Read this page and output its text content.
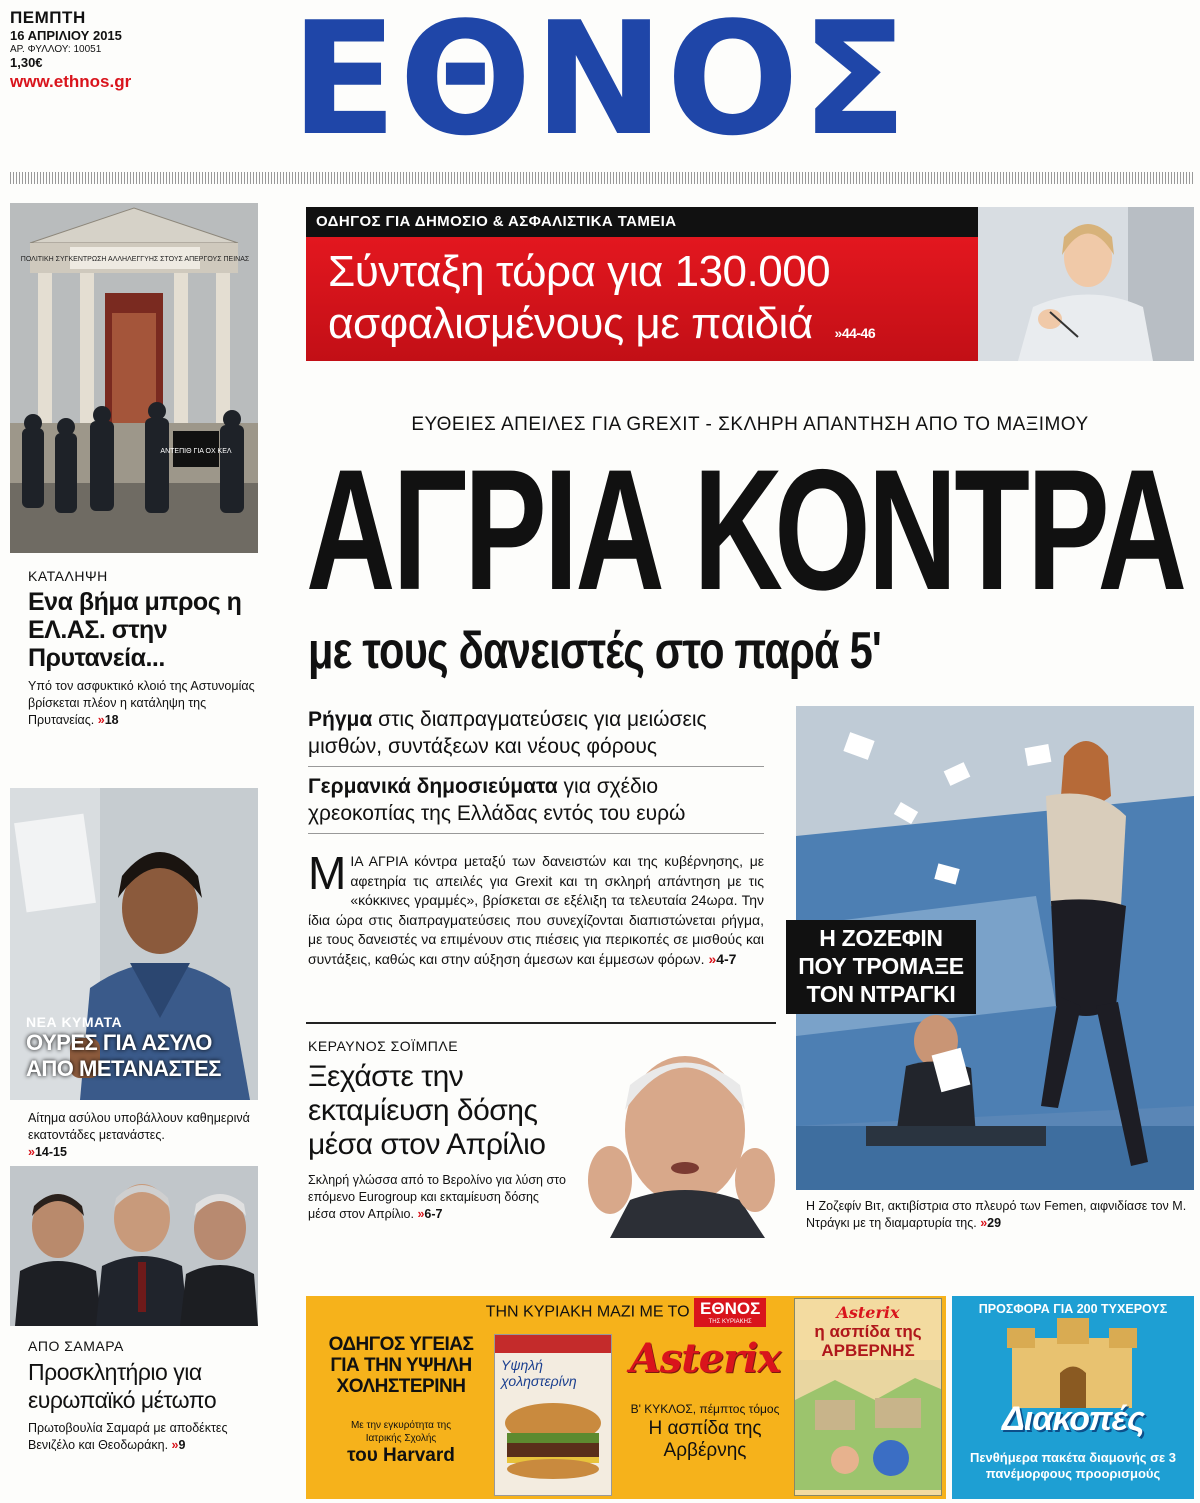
ΠΕΜΠΤΗ
16 ΑΠΡΙΛΙΟΥ 2015
ΑΡ. ΦΥΛΛΟΥ: 10051
1,30€
www.ethnos.gr	ΕΘΝΟΣ
ΠΟΛΙΤΙΚΗ ΣΥΓΚΕΝΤΡΩΣΗ ΑΛΛΗΛΕΓΓΥΗΣ ΣΤΟΥΣ ΑΠΕΡΓΟΥΣ ΠΕΙΝΑΣ
ΑΝΤΕΠΙΘ ΓΙΑ ΟΧ ΚΕΛ
ΚΑΤΑΛΗΨΗ
Ενα βήμα μπρος η ΕΛ.ΑΣ. στην Πρυτανεία...
Υπό τον ασφυκτικό κλοιό της Αστυνομίας βρίσκεται πλέον η κατάληψη της Πρυτανείας. »18
ΝΕΑ ΚΥΜΑΤΑ
ΟΥΡΕΣ ΓΙΑ ΑΣΥΛΟ ΑΠΟ ΜΕΤΑΝΑΣΤΕΣ
Αίτημα ασύλου υποβάλλουν καθημερινά εκατοντάδες μετανάστες.
»14-15
ΑΠΟ ΣΑΜΑΡΑ
Προσκλητήριο για ευρωπαϊκό μέτωπο
Πρωτοβουλία Σαμαρά με αποδέκτες Βενιζέλο και Θεοδωράκη. »9
ΟΔΗΓΟΣ ΓΙΑ ΔΗΜΟΣΙΟ & ΑΣΦΑΛΙΣΤΙΚΑ ΤΑΜΕΙΑ
Σύνταξη τώρα για 130.000
ασφαλισμένους με παιδιά »44-46
ΕΥΘΕΙΕΣ ΑΠΕΙΛΕΣ ΓΙΑ GREXIT - ΣΚΛΗΡΗ ΑΠΑΝΤΗΣΗ ΑΠΟ ΤΟ ΜΑΞΙΜΟΥ
ΑΓΡΙΑ ΚΟΝΤΡΑ
με τους δανειστές στο παρά 5'
Ρήγμα στις διαπραγματεύσεις για μειώσεις μισθών, συντάξεων και νέους φόρους
Γερμανικά δημοσιεύματα για σχέδιο χρεοκοπίας της Ελλάδας εντός του ευρώ
Μ ΙΑ ΑΓΡΙΑ κόντρα μεταξύ των δανειστών και της κυβέρνησης, με αφετηρία τις απειλές για Grexit και τη σκληρή απάντηση με τις «κόκκινες γραμμές», βρίσκεται σε εξέλιξη τα τελευταία 24ωρα. Την ίδια ώρα στις διαπραγματεύσεις που συνεχίζονται διαπιστώνεται ρήγμα, με τους δανειστές να επιμένουν στις πιέσεις για περικοπές σε μισθούς και συντάξεις, καθώς και στην αύξηση άμεσων και έμμεσων φόρων. »4-7
ΚΕΡΑΥΝΟΣ ΣΟΪΜΠΛΕ
Ξεχάστε την εκταμίευση δόσης μέσα στον Απρίλιο
Σκληρή γλώσσα από το Βερολίνο για λύση στο επόμενο Eurogroup και εκταμίευση δόσης μέσα στον Απρίλιο. »6-7
Η ΖΟΖΕΦΙΝ ΠΟΥ ΤΡΟΜΑΞΕ ΤΟΝ ΝΤΡΑΓΚΙ
Η Ζοζεφίν Βιτ, ακτιβίστρια στο πλευρό των Femen, αιφνιδίασε τον Μ. Ντράγκι με τη διαμαρτυρία της. »29
ΤΗΝ ΚΥΡΙΑΚΗ ΜΑΖΙ ΜΕ ΤΟ ΕΘΝΟΣ
ΤΗΣ ΚΥΡΙΑΚΗΣ
ΟΔΗΓΟΣ ΥΓΕΙΑΣ ΓΙΑ ΤΗΝ ΥΨΗΛΗ ΧΟΛΗΣΤΕΡΙΝΗ
Με την εγκυρότητα της Ιατρικής Σχολής
του Harvard
Υψηλή χοληστερίνη	Asterix
Β' ΚΥΚΛΟΣ, πέμπτος τόμος
Η ασπίδα της Αρβέρνης
Asterix
η ασπίδα της ΑΡΒΕΡΝΗΣ
ΠΡΟΣΦΟΡΑ ΓΙΑ 200 ΤΥΧΕΡΟΥΣ
Διακοπές
Πενθήμερα πακέτα διαμονής σε 3 πανέμορφους προορισμούς
